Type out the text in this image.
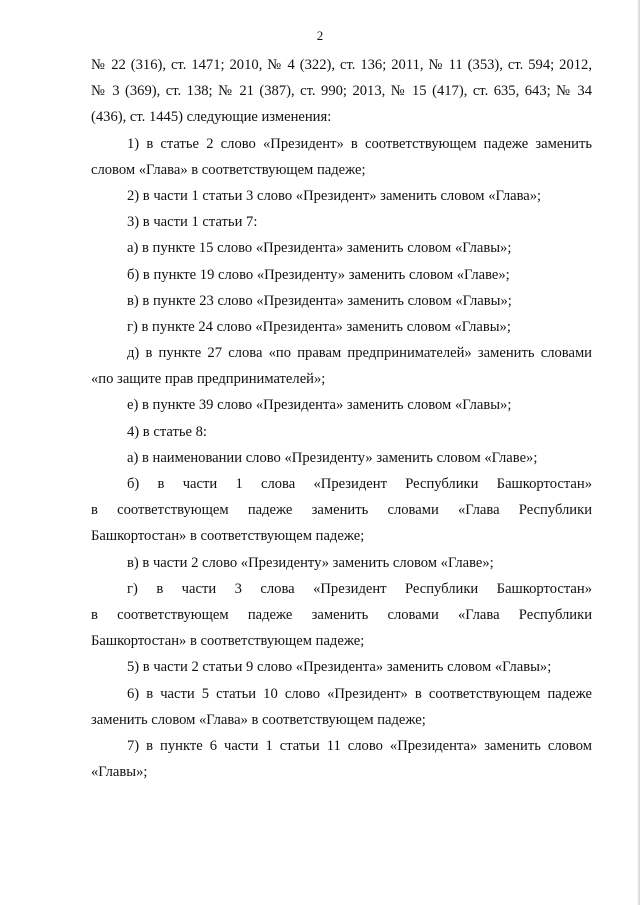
2
№ 22 (316), ст. 1471; 2010, № 4 (322), ст. 136; 2011, № 11 (353), ст. 594; 2012,
№ 3 (369), ст. 138; № 21 (387), ст. 990; 2013, № 15 (417), ст. 635, 643; № 34
(436), ст. 1445) следующие изменения:
1) в статье 2 слово «Президент» в соответствующем падеже заменить
словом «Глава» в соответствующем падеже;
2) в части 1 статьи 3 слово «Президент» заменить словом «Глава»;
3) в части 1 статьи 7:
а) в пункте 15 слово «Президента» заменить словом «Главы»;
б) в пункте 19 слово «Президенту» заменить словом «Главе»;
в) в пункте 23 слово «Президента» заменить словом «Главы»;
г) в пункте 24 слово «Президента» заменить словом «Главы»;
д) в пункте 27 слова «по правам предпринимателей» заменить словами
«по защите прав предпринимателей»;
е) в пункте 39 слово «Президента» заменить словом «Главы»;
4) в статье 8:
а) в наименовании слово «Президенту» заменить словом «Главе»;
б) в части 1 слова «Президент Республики Башкортостан»
в соответствующем падеже заменить словами «Глава Республики
Башкортостан» в соответствующем падеже;
в) в части 2 слово «Президенту» заменить словом «Главе»;
г) в части 3 слова «Президент Республики Башкортостан»
в соответствующем падеже заменить словами «Глава Республики
Башкортостан» в соответствующем падеже;
5) в части 2 статьи 9 слово «Президента» заменить словом «Главы»;
6) в части 5 статьи 10 слово «Президент» в соответствующем падеже
заменить словом «Глава» в соответствующем падеже;
7) в пункте 6 части 1 статьи 11 слово «Президента» заменить словом
«Главы»;
